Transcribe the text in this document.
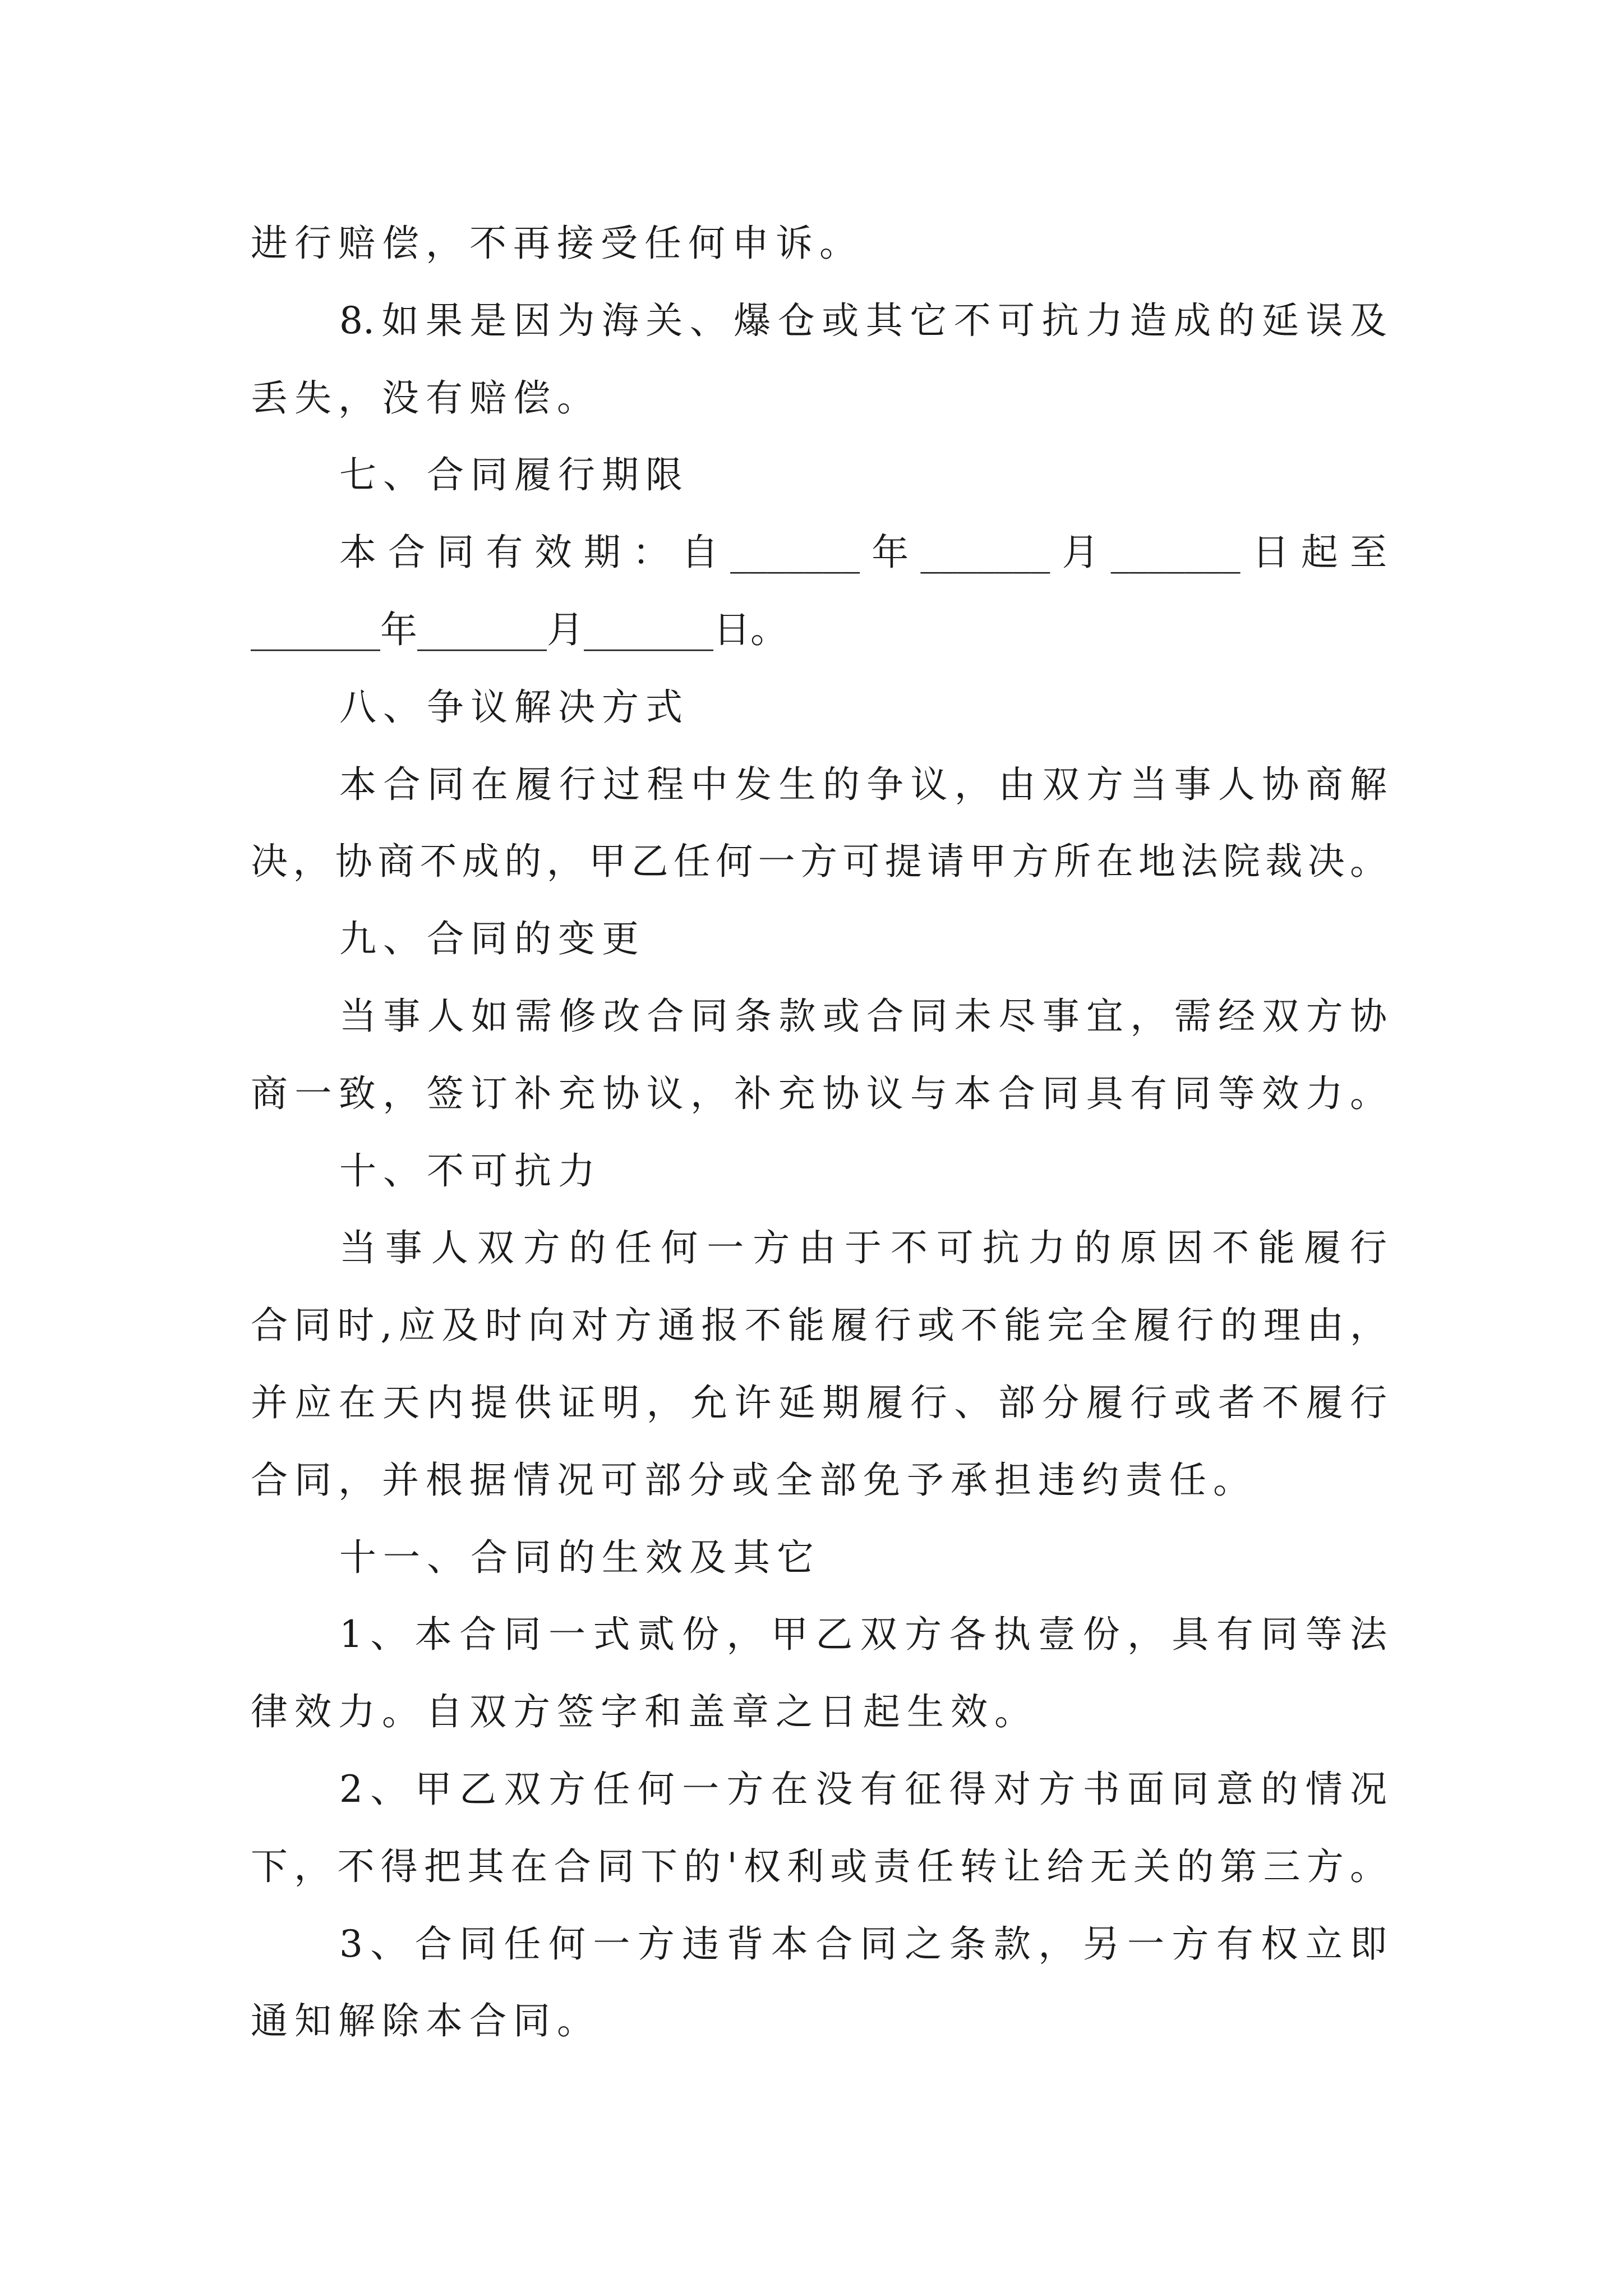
进行赔偿，不再接受任何申诉。
8.如果是因为海关、爆仓或其它不可抗力造成的延误及
丢失，没有赔偿。
七、合同履行期限
本合同有效期：自_______年_______月_______日起至
_______年_______月_______日。
八、争议解决方式
本合同在履行过程中发生的争议，由双方当事人协商解
决，协商不成的，甲乙任何一方可提请甲方所在地法院裁决。
九、合同的变更
当事人如需修改合同条款或合同未尽事宜，需经双方协
商一致，签订补充协议，补充协议与本合同具有同等效力。
十、不可抗力
当事人双方的任何一方由于不可抗力的原因不能履行
合同时,应及时向对方通报不能履行或不能完全履行的理由，
并应在天内提供证明，允许延期履行、部分履行或者不履行
合同，并根据情况可部分或全部免予承担违约责任。
十一、合同的生效及其它
1、本合同一式贰份，甲乙双方各执壹份，具有同等法
律效力。自双方签字和盖章之日起生效。
2、甲乙双方任何一方在没有征得对方书面同意的情况
下，不得把其在合同下的'权利或责任转让给无关的第三方。
3、合同任何一方违背本合同之条款，另一方有权立即
通知解除本合同。
